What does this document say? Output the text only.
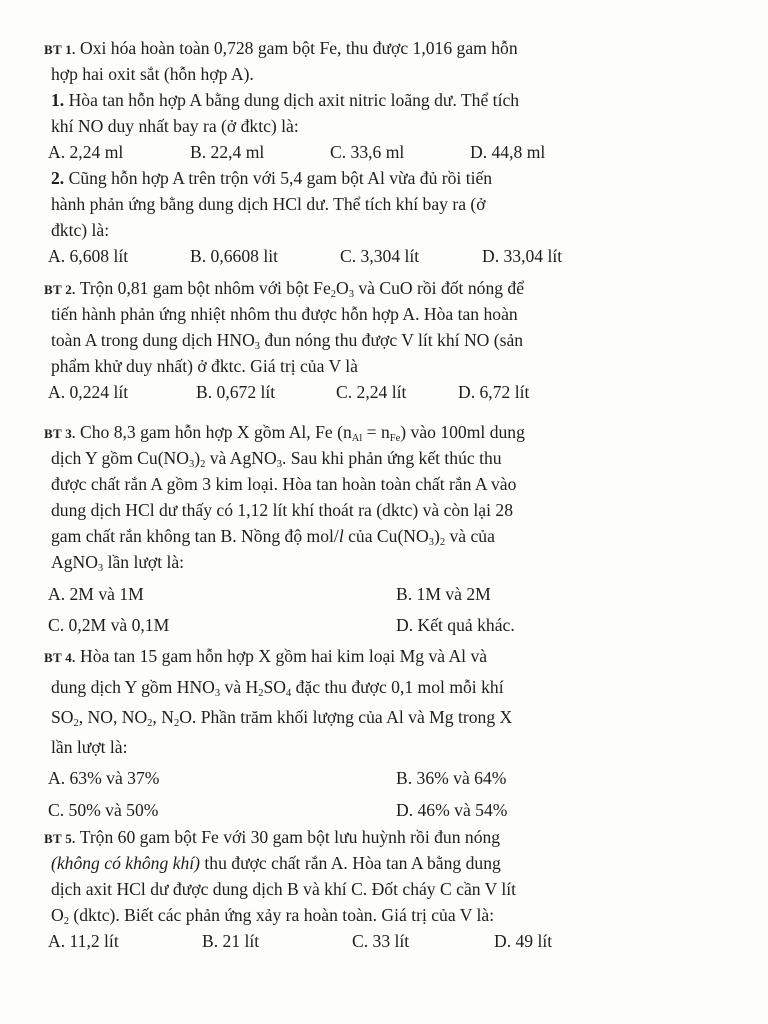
BT 1. Oxi hóa hoàn toàn 0,728 gam bột Fe, thu được 1,016 gam hỗn
hợp hai oxit sắt (hỗn hợp A).
1. Hòa tan hỗn hợp A bằng dung dịch axit nitric loãng dư. Thể tích
khí NO duy nhất bay ra (ở đktc) là:
A. 2,24 ml	B. 22,4 ml	C. 33,6 ml	D. 44,8 ml
2. Cũng hỗn hợp A trên trộn với 5,4 gam bột Al vừa đủ rồi tiến
hành phản ứng bằng dung dịch HCl dư. Thể tích khí bay ra (ở
đktc) là:
A. 6,608 lít	B. 0,6608 lit	C. 3,304 lít	D. 33,04 lít
BT 2. Trộn 0,81 gam bột nhôm với bột $Fe_2O_3$ và CuO rồi đốt nóng để
tiến hành phản ứng nhiệt nhôm thu được hỗn hợp A. Hòa tan hoàn
toàn A trong dung dịch $HNO_3$ đun nóng thu được V lít khí NO (sản
phẩm khử duy nhất) ở đktc. Giá trị của V là
A. 0,224 lít	B. 0,672 lít	C. 2,24 lít	D. 6,72 lít
BT 3. Cho 8,3 gam hỗn hợp X gồm Al, Fe $(n_{Al} = n_{Fe})$ vào 100ml dung
dịch Y gồm $Cu(NO_3)_2$ và AgNO$_3$. Sau khi phản ứng kết thúc thu
được chất rắn A gồm 3 kim loại. Hòa tan hoàn toàn chất rắn A vào
dung dịch HCl dư thấy có 1,12 lít khí thoát ra (dktc) và còn lại 28
gam chất rắn không tan B. Nồng độ mol/l của $Cu(NO_3)_2$ và của
AgNO$_3$ lần lượt là:
A. 2M và 1M	B. 1M và 2M
C. 0,2M và 0,1M	D. Kết quả khác.
BT 4. Hòa tan 15 gam hỗn hợp X gồm hai kim loại Mg và Al và
dung dịch Y gồm $HNO_3$ và $H_2SO_4$ đặc thu được 0,1 mol mỗi khí
$SO_2$, NO, $NO_2$, $N_2O$. Phần trăm khối lượng của Al và Mg trong X
lần lượt là:
A. 63% và 37%	B. 36% và 64%
C. 50% và 50%	D. 46% và 54%
BT 5. Trộn 60 gam bột Fe với 30 gam bột lưu huỳnh rồi đun nóng
(không có không khí) thu được chất rắn A. Hòa tan A bằng dung
dịch axit HCl dư được dung dịch B và khí C. Đốt cháy C cần V lít
$O_2$ (dktc). Biết các phản ứng xảy ra hoàn toàn. Giá trị của V là:
A. 11,2 lít	B. 21 lít	C. 33 lít	D. 49 lít
